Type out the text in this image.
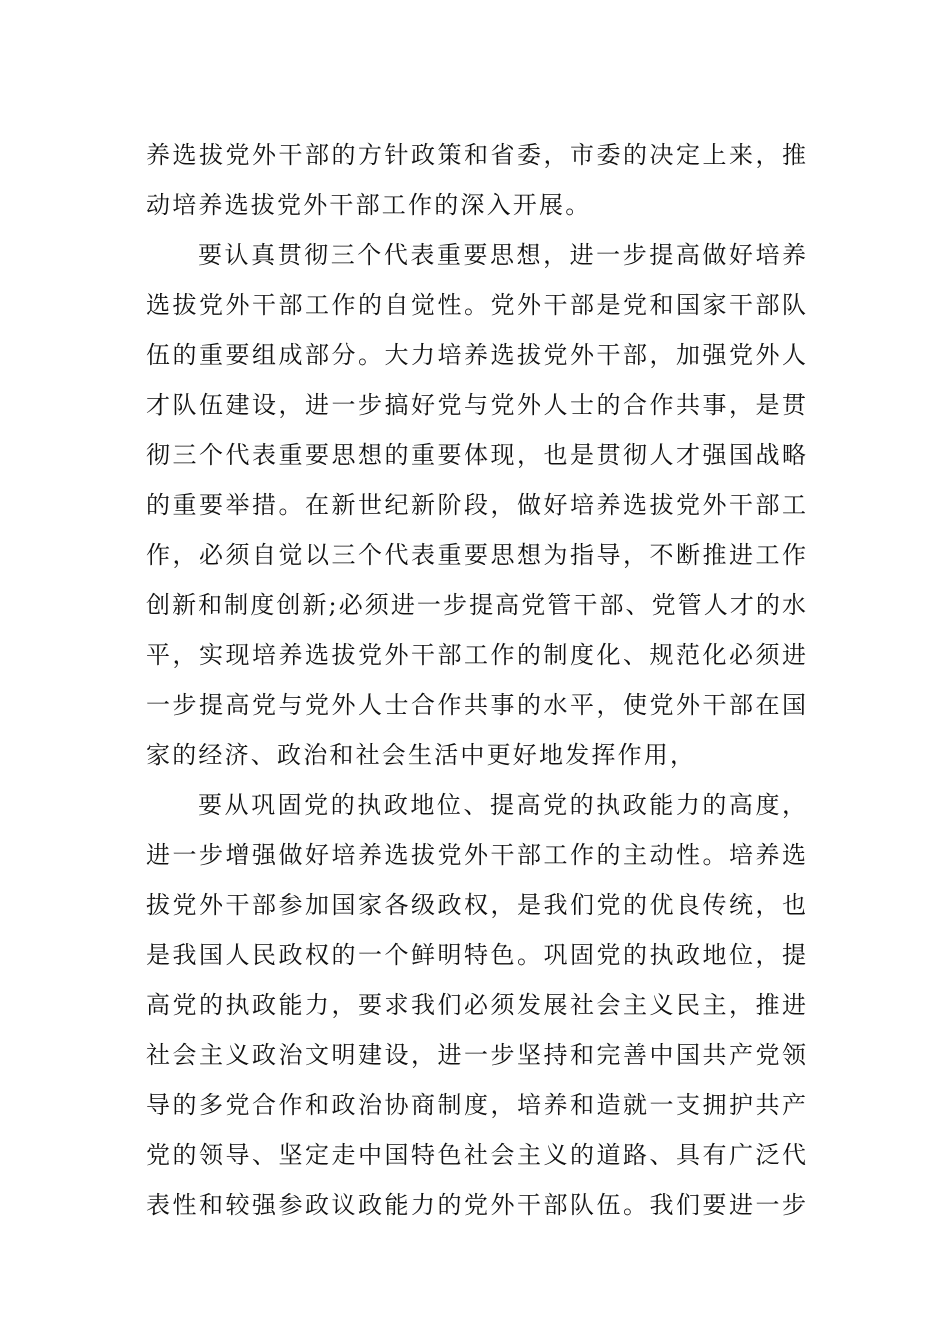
养选拔党外干部的方针政策和省委，市委的决定上来，推
动培养选拔党外干部工作的深入开展。
要认真贯彻三个代表重要思想，进一步提高做好培养
选拔党外干部工作的自觉性。党外干部是党和国家干部队
伍的重要组成部分。大力培养选拔党外干部，加强党外人
才队伍建设，进一步搞好党与党外人士的合作共事，是贯
彻三个代表重要思想的重要体现，也是贯彻人才强国战略
的重要举措。在新世纪新阶段，做好培养选拔党外干部工
作，必须自觉以三个代表重要思想为指导，不断推进工作
创新和制度创新;必须进一步提高党管干部、党管人才的水
平，实现培养选拔党外干部工作的制度化、规范化必须进
一步提高党与党外人士合作共事的水平，使党外干部在国
家的经济、政治和社会生活中更好地发挥作用，
要从巩固党的执政地位、提高党的执政能力的高度，
进一步增强做好培养选拔党外干部工作的主动性。培养选
拔党外干部参加国家各级政权，是我们党的优良传统，也
是我国人民政权的一个鲜明特色。巩固党的执政地位，提
高党的执政能力，要求我们必须发展社会主义民主，推进
社会主义政治文明建设，进一步坚持和完善中国共产党领
导的多党合作和政治协商制度，培养和造就一支拥护共产
党的领导、坚定走中国特色社会主义的道路、具有广泛代
表性和较强参政议政能力的党外干部队伍。我们要进一步
